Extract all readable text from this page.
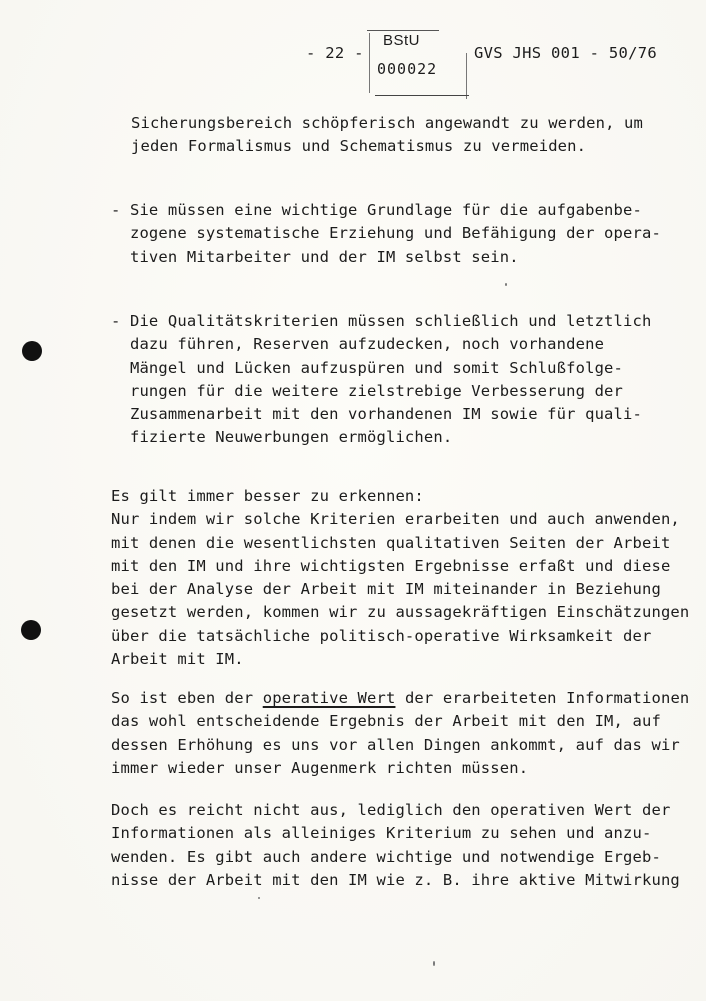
- 22 -
BStU
000022
GVS JHS 001 - 50/76
Sicherungsbereich schöpferisch angewandt zu werden, um
jeden Formalismus und Schematismus zu vermeiden.
- Sie müssen eine wichtige Grundlage für die aufgabenbe-
zogene systematische Erziehung und Befähigung der opera-
tiven Mitarbeiter und der IM selbst sein.
- Die Qualitätskriterien müssen schließlich und letztlich
dazu führen, Reserven aufzudecken, noch vorhandene
Mängel und Lücken aufzuspüren und somit Schlußfolge-
rungen für die weitere zielstrebige Verbesserung der
Zusammenarbeit mit den vorhandenen IM sowie für quali-
fizierte Neuwerbungen ermöglichen.
Es gilt immer besser zu erkennen:
Nur indem wir solche Kriterien erarbeiten und auch anwenden,
mit denen die wesentlichsten qualitativen Seiten der Arbeit
mit den IM und ihre wichtigsten Ergebnisse erfaßt und diese
bei der Analyse der Arbeit mit IM miteinander in Beziehung
gesetzt werden, kommen wir zu aussagekräftigen Einschätzungen
über die tatsächliche politisch-operative Wirksamkeit der
Arbeit mit IM.
So ist eben der operative Wert der erarbeiteten Informationen
das wohl entscheidende Ergebnis der Arbeit mit den IM, auf
dessen Erhöhung es uns vor allen Dingen ankommt, auf das wir
immer wieder unser Augenmerk richten müssen.
Doch es reicht nicht aus, lediglich den operativen Wert der
Informationen als alleiniges Kriterium zu sehen und anzu-
wenden. Es gibt auch andere wichtige und notwendige Ergeb-
nisse der Arbeit mit den IM wie z. B. ihre aktive Mitwirkung
